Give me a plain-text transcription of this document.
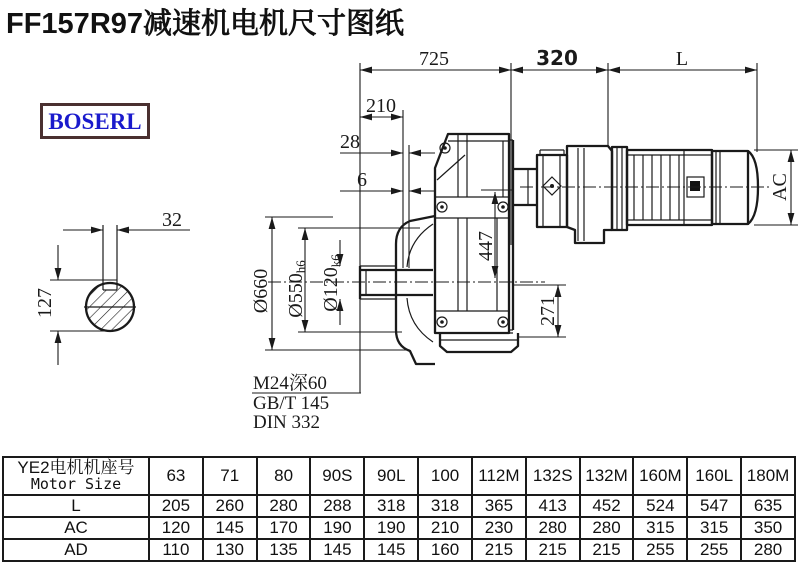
FF157R97减速机电机尺寸图纸
BOSERL
32
127
725	320	L
210
28
6
Ø660 Ø550h6
Ø120k6	447
271
AC
M24深60
GB/T 145
DIN 332
YE2电机机座号
Motor Size	63	71	80	90S	90L	100	112M	132S	132M	160M	160L	180M
L	205	260	280	288	318	318	365	413	452	524	547	635
AC	120	145	170	190	190	210	230	280	280	315	315	350
AD	110	130	135	145	145	160	215	215	215	255	255	280
